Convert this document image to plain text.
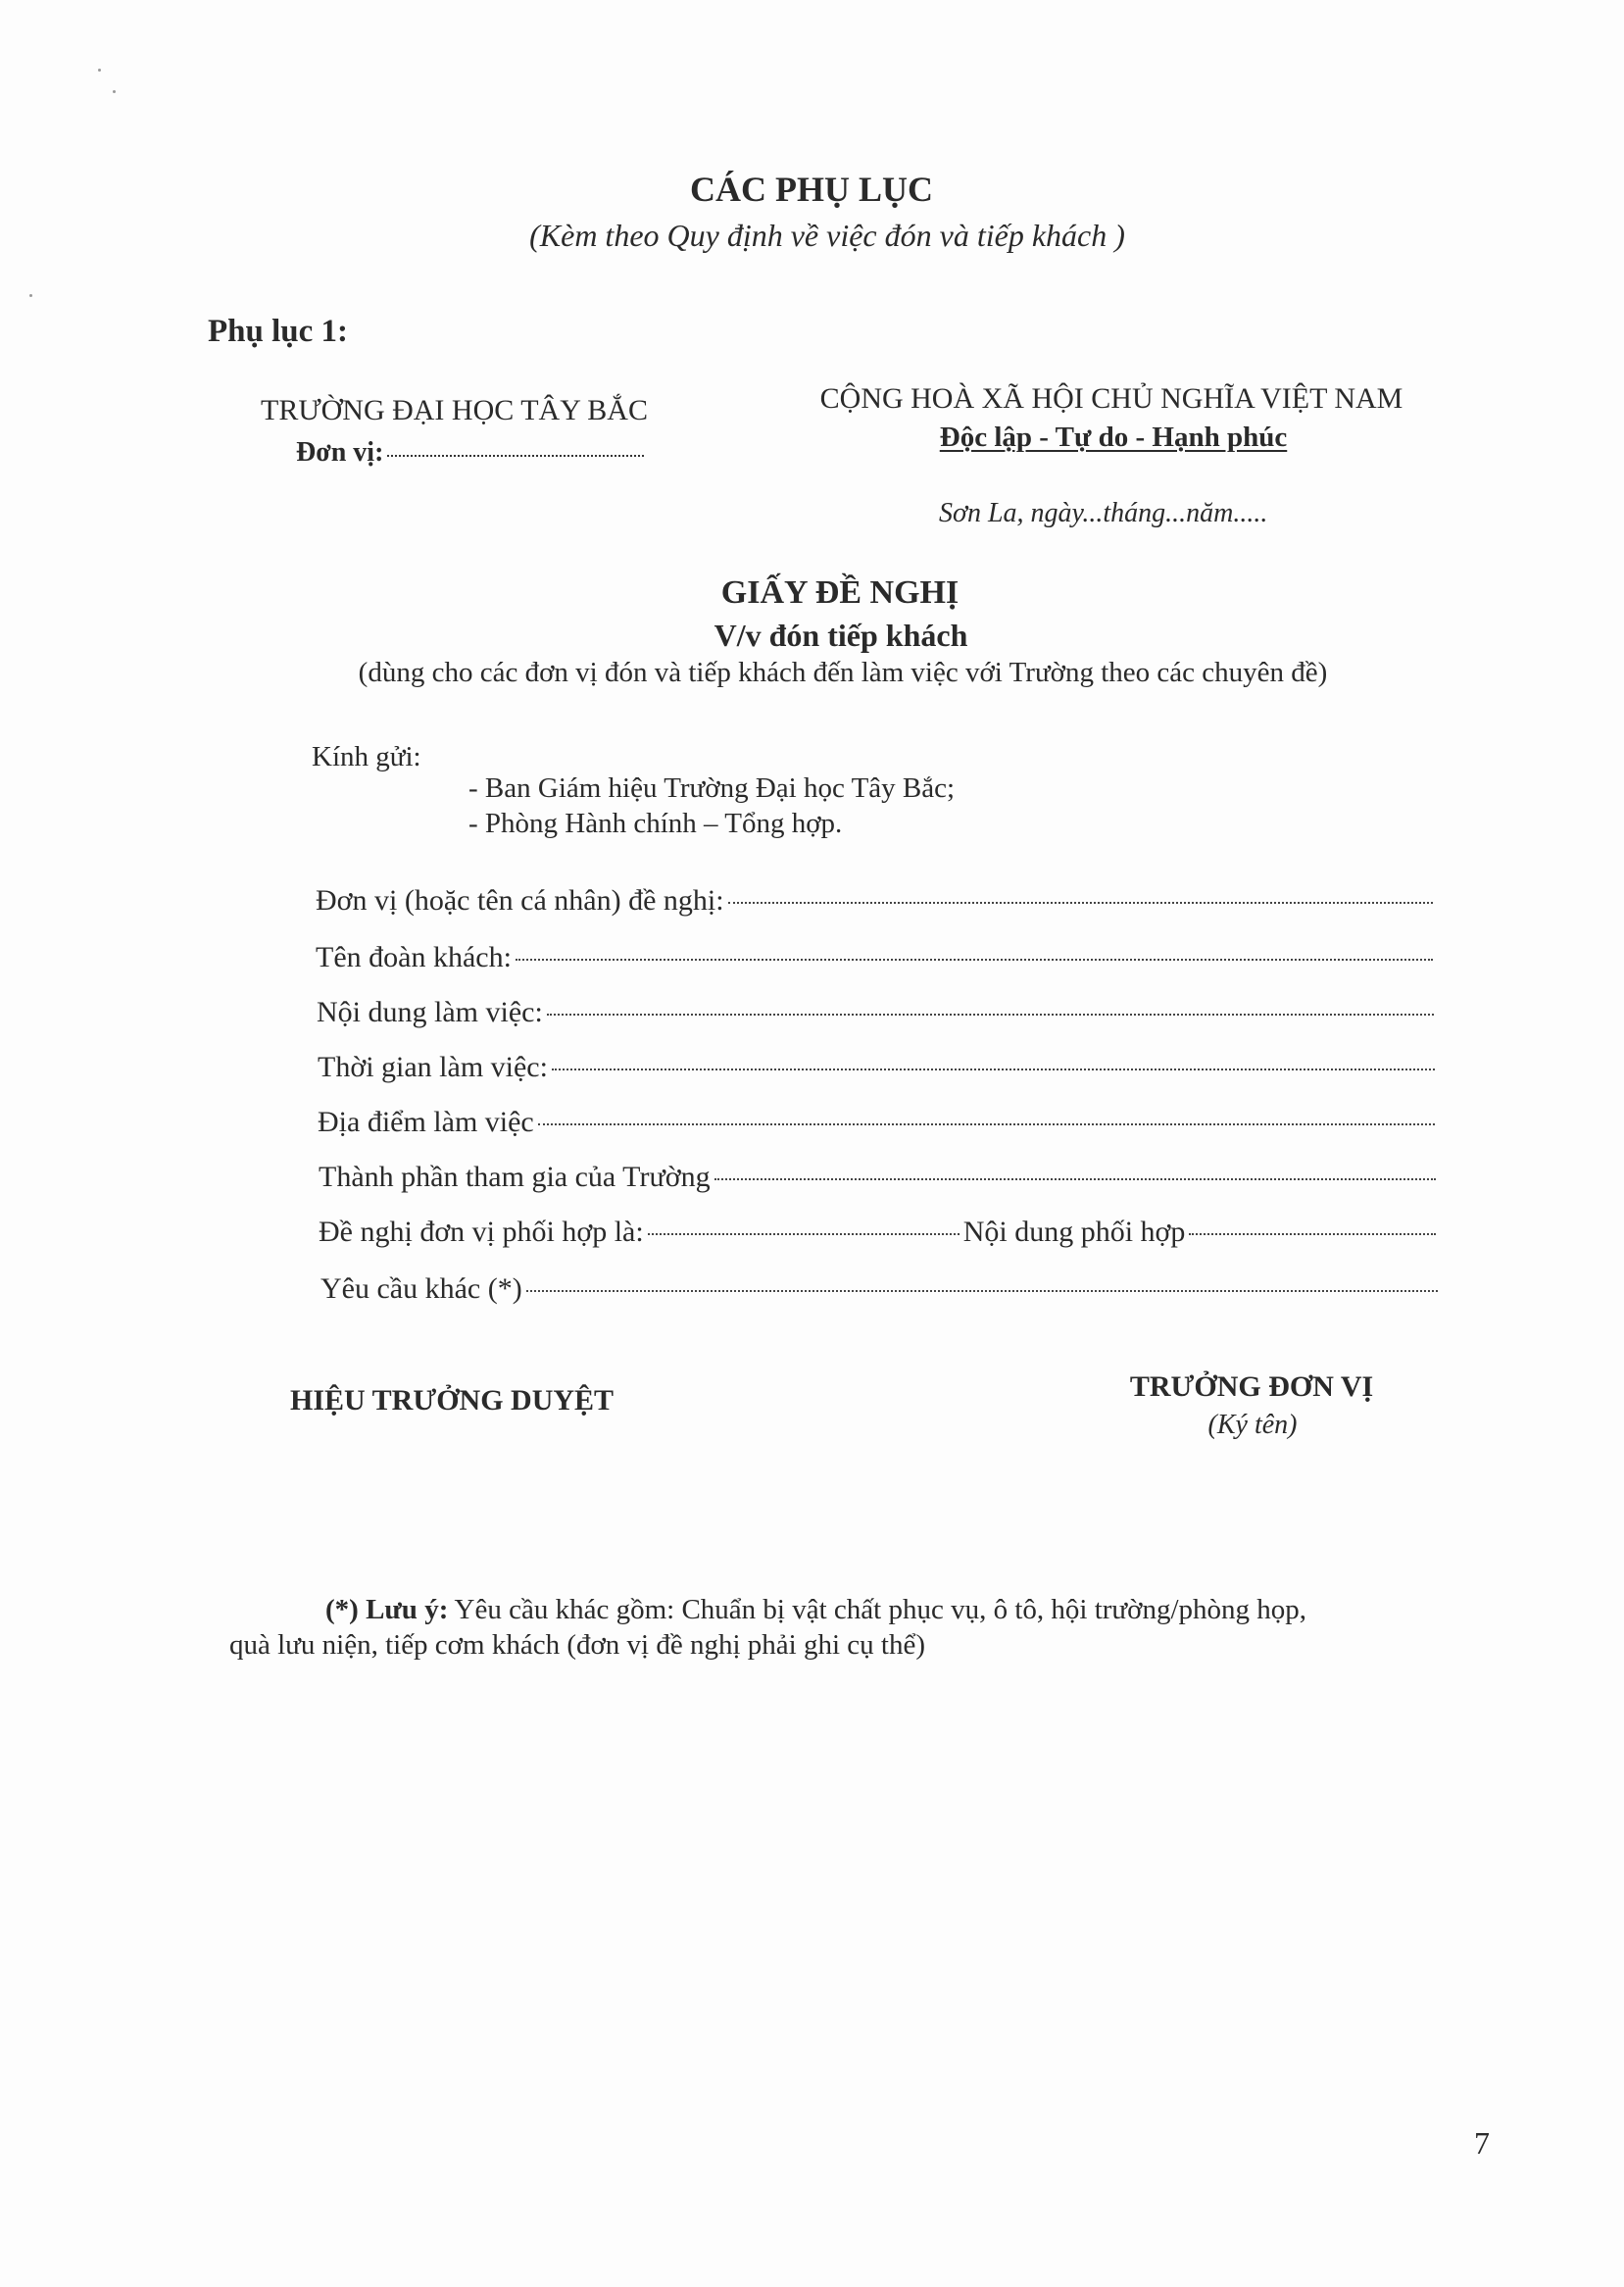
CÁC PHỤ LỤC
(Kèm theo Quy định về việc đón và tiếp khách )
Phụ lục 1:
TRƯỜNG ĐẠI HỌC TÂY BẮC
Đơn vị:
CỘNG HOÀ XÃ HỘI CHỦ NGHĨA VIỆT NAM
Độc lập - Tự do - Hạnh phúc
Sơn La, ngày...tháng...năm.....
GIẤY ĐỀ NGHỊ
V/v đón tiếp khách
(dùng cho các đơn vị đón và tiếp khách đến làm việc với Trường theo các chuyên đề)
Kính gửi:
- Ban Giám hiệu Trường Đại học Tây Bắc;
- Phòng Hành chính – Tổng hợp.
Đơn vị (hoặc tên cá nhân) đề nghị:
Tên đoàn khách:
Nội dung làm việc:
Thời gian làm việc:
Địa điểm làm việc
Thành phần tham gia của Trường
Đề nghị đơn vị phối hợp là:	Nội dung phối hợp
Yêu cầu khác (*)
HIỆU TRƯỞNG DUYỆT	TRƯỞNG ĐƠN VỊ
(Ký tên)
(*) Lưu ý: Yêu cầu khác gồm: Chuẩn bị vật chất phục vụ, ô tô, hội trường/phòng họp,
quà lưu niện, tiếp cơm khách (đơn vị đề nghị phải ghi cụ thể)
7
